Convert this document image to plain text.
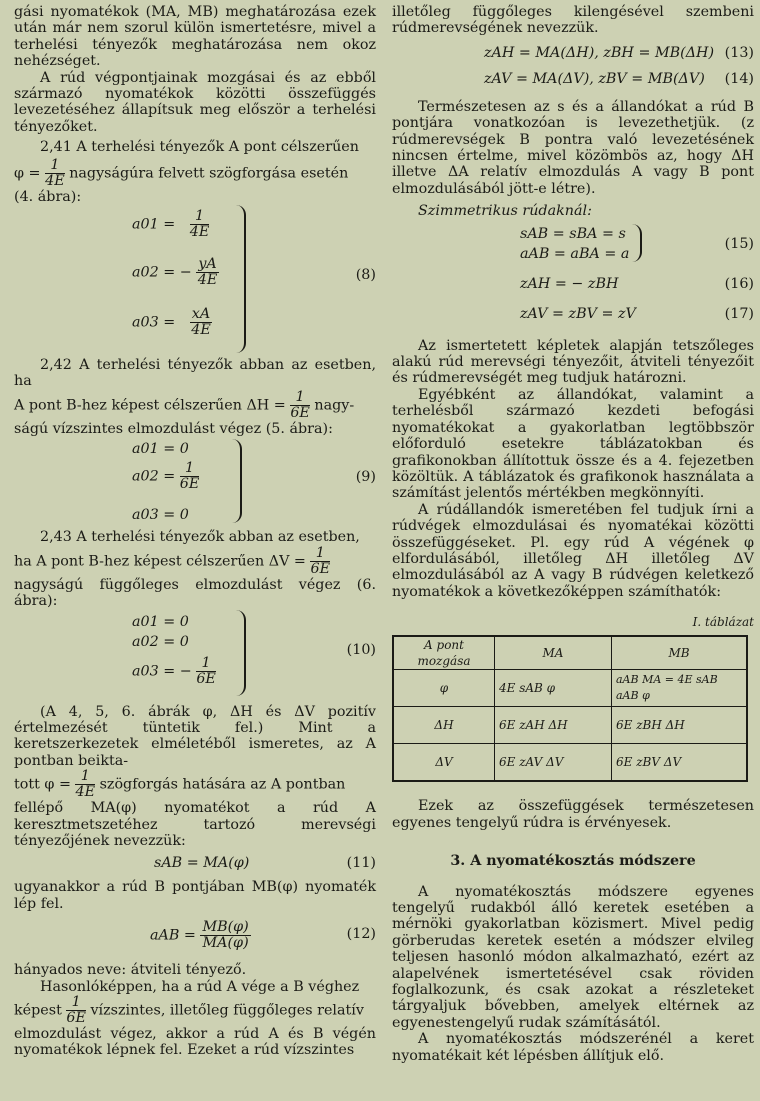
gási nyomatékok (MA, MB) meghatározása ezek után már nem szorul külön ismertetésre, mivel a terhelési tényezők meghatározása nem okoz nehézséget.

A rúd végpontjainak mozgásai és az ebből származó nyomatékok közötti összefüggés levezetéséhez állapítsuk meg először a terhelési tényezőket.

2,41 A terhelési tényezők A pont célszerűen

$\varphi = \frac{1}{4E}$ nagyságúra felvett szögforgása esetén

(4. ábra):

$a01 = \frac{1}{4E}$
a02 = − $\frac{yA}{4E}$
$a03 = \frac{xA}{4E}$
(8)

2,42 A terhelési tényezők abban az esetben, ha

A pont B-hez képest célszerűen $\Delta H = \frac{1}{6E}$ nagy-

ságú vízszintes elmozdulást végez (5. ábra):

a01 = 0
$a02 = \frac{1}{6E}$
a03 = 0
(9)

2,43 A terhelési tényezők abban az esetben,

ha A pont B-hez képest célszerűen $\Delta V = \frac{1}{6E}$

nagyságú függőleges elmozdulást végez (6. ábra):

a01 = 0
a02 = 0
a03 = − $\frac{1}{6E}$
(10)

(A 4, 5, 6. ábrák φ, ΔH és ΔV pozitív értelmezését tüntetik fel.) Mint a keretszerkezetek elméletéből ismeretes, az A pontban beikta-

tott $\varphi = \frac{1}{4E}$ szögforgás hatására az A pontban

fellépő MA(φ) nyomatékot a rúd A keresztmetszetéhez tartozó merevségi tényezőjének nevezzük:

sAB = MA(φ)	(11)

ugyanakkor a rúd B pontjában MB(φ) nyomaték lép fel.

aAB = $\frac{MB(\varphi)}{MA(\varphi)}$	(12)

hányados neve: átviteli tényező.

Hasonlóképpen, ha a rúd A vége a B véghez

képest $\frac{1}{6E}$ vízszintes, illetőleg függőleges relatív

elmozdulást végez, akkor a rúd A és B végén nyomatékok lépnek fel. Ezeket a rúd vízszintes

illetőleg függőleges kilengésével szembeni rúdmerevségének nevezzük.

zAH = MA(ΔH), zBH = MB(ΔH) (13)
zAV = MA(ΔV), zBV = MB(ΔV) (14)

Természetesen az s és a állandókat a rúd B pontjára vonatkozóan is levezethetjük. (z rúdmerevségek B pontra való levezetésének nincsen értelme, mivel közömbös az, hogy ΔH illetve ΔA relatív elmozdulás A vagy B pont elmozdulásából jött-e létre).

Szimmetrikus rúdaknál:

sAB = sBA = s
aAB = aBA = a
(15)
zAH = − zBH	(16)
zAV = zBV = zV	(17)

Az ismertetett képletek alapján tetszőleges alakú rúd merevségi tényezőit, átviteli tényezőit és rúdmerevségét meg tudjuk határozni.

Egyébként az állandókat, valamint a terhelésből származó kezdeti befogási nyomatékokat a gyakorlatban legtöbbször előforduló esetekre táblázatokban és grafikonokban állítottuk össze és a 4. fejezetben közöltük. A táblázatok és grafikonok használata a számítást jelentős mértékben megkönnyíti.

A rúdállandók ismeretében fel tudjuk írni a rúdvégek elmozdulásai és nyomatékai közötti összefüggéseket. Pl. egy rúd A végének φ elfordulásából, illetőleg ΔH illetőleg ΔV elmozdulásából az A vagy B rúdvégen keletkező nyomatékok a következőképpen számíthatók:

I. táblázat
A pont mozgása	MA	MB
φ	4E sAB φ	aAB MA = 4E sAB aAB φ
ΔH	6E zAH ΔH	6E zBH ΔH
ΔV	6E zAV ΔV	6E zBV ΔV

Ezek az összefüggések természetesen egyenes tengelyű rúdra is érvényesek.

3. A nyomatékosztás módszere

A nyomatékosztás módszere egyenes tengelyű rudakból álló keretek esetében a mérnöki gyakorlatban közismert. Mivel pedig görberudas keretek esetén a módszer elvileg teljesen hasonló módon alkalmazható, ezért az alapelvének ismertetésével csak röviden foglalkozunk, és csak azokat a részleteket tárgyaljuk bővebben, amelyek eltérnek az egyenestengelyű rudak számításától.

A nyomatékosztás módszerénél a keret nyomatékait két lépésben állítjuk elő.
